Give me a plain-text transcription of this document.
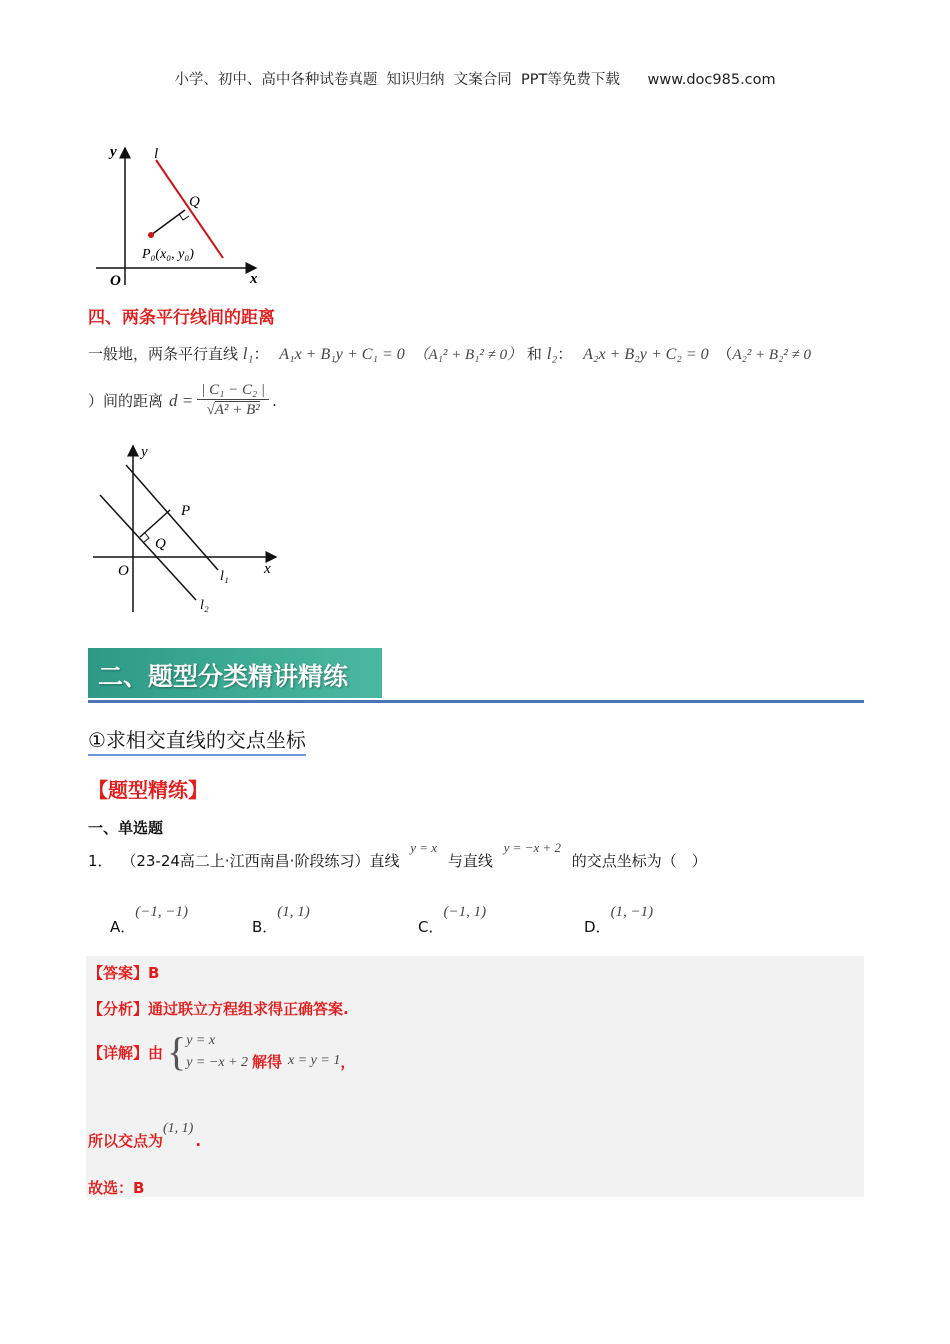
小学、初中、高中各种试卷真题  知识归纳  文案合同  PPT等免费下载      www.doc985.com
y l
Q
O	x
P₀(x₀, y₀)
四、两条平行线间的距离
一般地，两条平行直线 l₁： A₁x + B₁y + C₁ = 0 （A₁² + B₁² ≠ 0） 和 l₂： A₂x + B₂y + C₂ = 0 （A₂² + B₂² ≠ 0
）间的距离 $d = \frac{\text{| C₁ − C₂ |}}{\text{√A² + B²}}$ .
y
P
Q
O	x
l₁
l₂
二、题型分类精讲精练
①求相交直线的交点坐标
【题型精练】
一、单选题
1． （23-24高二上·江西南昌·阶段练习）直线 y = x 与直线 y = −x + 2 的交点坐标为（　）
A．(−1, −1)
B．(1, 1)
C．(−1, 1)
D．(1, −1)
【答案】B
【分析】通过联立方程组求得正确答案.
【详解】由 { y = x
y = −x + 2 解得 x = y = 1 ，
所以交点为(1, 1).
故选：B
